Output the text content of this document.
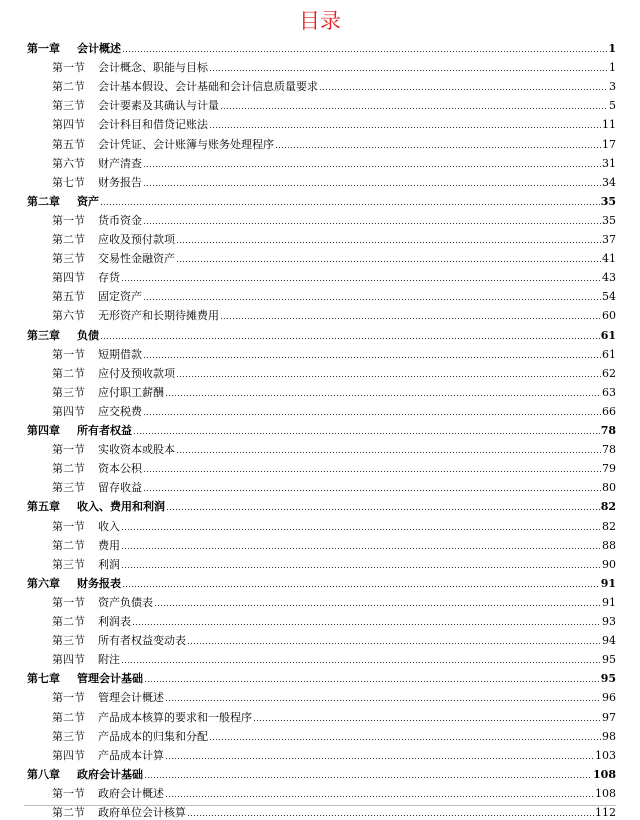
目录
第一章	会计概述	1
第一节	会计概念、职能与目标	1
第二节	会计基本假设、会计基础和会计信息质量要求	3
第三节	会计要素及其确认与计量	5
第四节	会计科目和借贷记账法	11
第五节	会计凭证、会计账簿与账务处理程序	17
第六节	财产清查	31
第七节	财务报告	34
第二章	资产	35
第一节	货币资金	35
第二节	应收及预付款项	37
第三节	交易性金融资产	41
第四节	存货	43
第五节	固定资产	54
第六节	无形资产和长期待摊费用	60
第三章	负债	61
第一节	短期借款	61
第二节	应付及预收款项	62
第三节	应付职工薪酬	63
第四节	应交税费	66
第四章	所有者权益	78
第一节	实收资本或股本	78
第二节	资本公积	79
第三节	留存收益	80
第五章	收入、费用和利润	82
第一节	收入	82
第二节	费用	88
第三节	利润	90
第六章	财务报表	91
第一节	资产负债表	91
第二节	利润表	93
第三节	所有者权益变动表	94
第四节	附注	95
第七章	管理会计基础	95
第一节	管理会计概述	96
第二节	产品成本核算的要求和一般程序	97
第三节	产品成本的归集和分配	98
第四节	产品成本计算	103
第八章	政府会计基础	108
第一节	政府会计概述	108
第二节	政府单位会计核算	112
